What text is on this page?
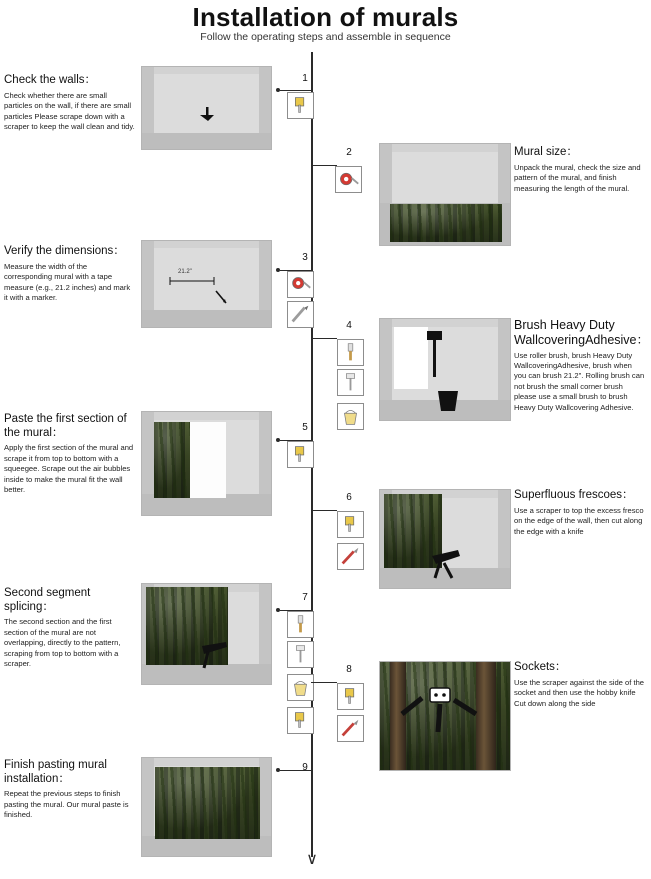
Installation of murals
Follow the operating steps and assemble in sequence
∨
Check the walls：

Check whether there are small particles on the wall, if there are small particles Please scrape down with a scraper to keep the wall clean and tidy.

1
2	Mural size：

Unpack the mural, check the size and pattern of the mural, and finish measuring the length of the mural.

Verify the dimensions：

Measure the width of the corresponding mural with a tape measure (e.g., 21.2 inches) and mark it with a marker.

21.2"
3
4	Brush Heavy Duty WallcoveringAdhesive：

Use roller brush, brush Heavy Duty WallcoveringAdhesive, brush when you can brush 21.2". Rolling brush can not brush the small corner brush please use a small brush to brush Heavy Duty Wallcovering Adhesive.

Paste the first section of the mural：

Apply the first section of the mural and scrape it from top to bottom with a squeegee. Scrape out the air bubbles inside to make the mural fit the wall better.

5
6	Superfluous frescoes：

Use a scraper to top the excess fresco on the edge of the wall, then cut along the edge with a knife

Second segment splicing：

The second section and the first section of the mural are not overlapping, directly to the pattern, scraping from top to bottom with a scraper.

7
8	Sockets：

Use the scraper against the side of the socket and then use the hobby knife Cut down along the side

Finish pasting mural installation：

Repeat the previous steps to finish pasting the mural. Our mural paste is finished.

9
